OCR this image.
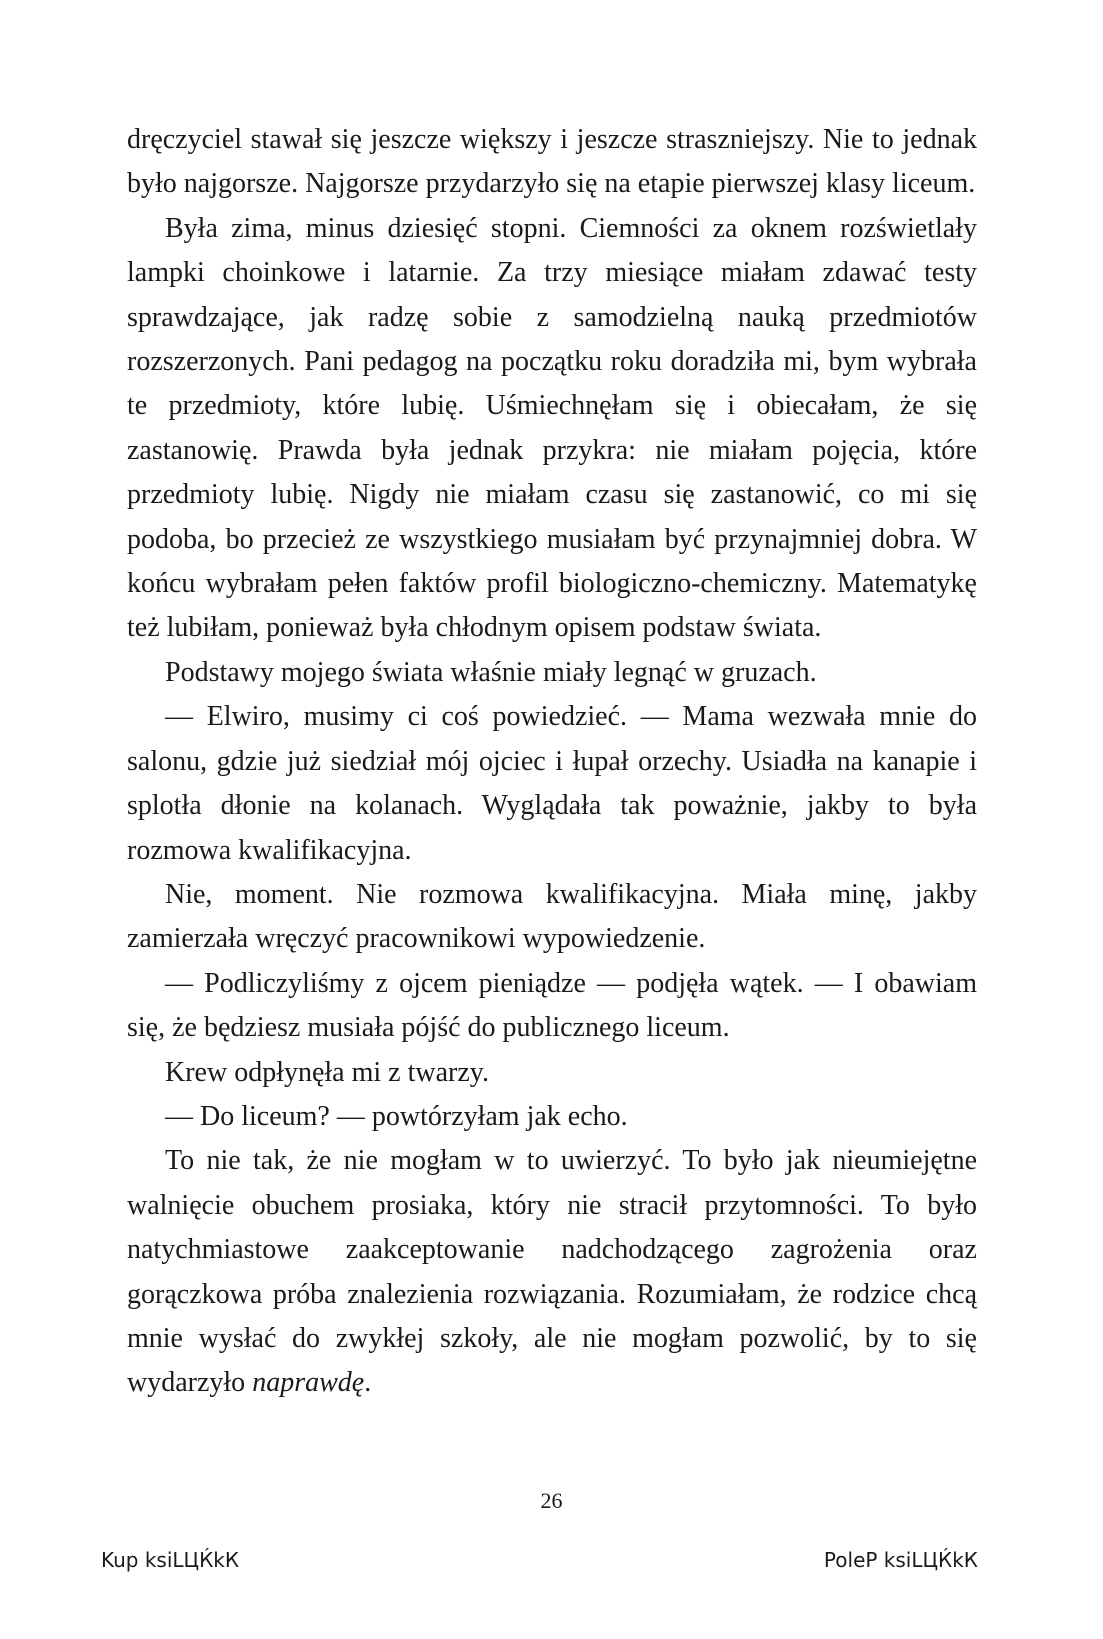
dręczyciel stawał się jeszcze większy i jeszcze straszniejszy. Nie to jednak było najgorsze. Najgorsze przydarzyło się na etapie pierwszej klasy liceum.

Była zima, minus dziesięć stopni. Ciemności za oknem rozświetlały lampki choinkowe i latarnie. Za trzy miesiące miałam zdawać testy sprawdzające, jak radzę sobie z samodzielną nauką przedmiotów rozszerzonych. Pani pedagog na początku roku doradziła mi, bym wybrała te przedmioty, które lubię. Uśmiechnęłam się i obiecałam, że się zastanowię. Prawda była jednak przykra: nie miałam pojęcia, które przedmioty lubię. Nigdy nie miałam czasu się zastanowić, co mi się podoba, bo przecież ze wszystkiego musiałam być przynajmniej dobra. W końcu wybrałam pełen faktów profil biologiczno-chemiczny. Matematykę też lubiłam, ponieważ była chłodnym opisem podstaw świata.

Podstawy mojego świata właśnie miały legnąć w gruzach.

— Elwiro, musimy ci coś powiedzieć. — Mama wezwała mnie do salonu, gdzie już siedział mój ojciec i łupał orzechy. Usiadła na kanapie i splotła dłonie na kolanach. Wyglądała tak poważnie, jakby to była rozmowa kwalifikacyjna.

Nie, moment. Nie rozmowa kwalifikacyjna. Miała minę, jakby zamierzała wręczyć pracownikowi wypowiedzenie.

— Podliczyliśmy z ojcem pieniądze — podjęła wątek. — I obawiam się, że będziesz musiała pójść do publicznego liceum.

Krew odpłynęła mi z twarzy.

— Do liceum? — powtórzyłam jak echo.

To nie tak, że nie mogłam w to uwierzyć. To było jak nieumiejętne walnięcie obuchem prosiaka, który nie stracił przytomności. To było natychmiastowe zaakceptowanie nadchodzącego zagrożenia oraz gorączkowa próba znalezienia rozwiązania. Rozumiałam, że rodzice chcą mnie wysłać do zwykłej szkoły, ale nie mogłam pozwolić, by to się wydarzyło naprawdę.

26
Kup ksiLЦЌkК	PoleР ksiLЦЌkК
